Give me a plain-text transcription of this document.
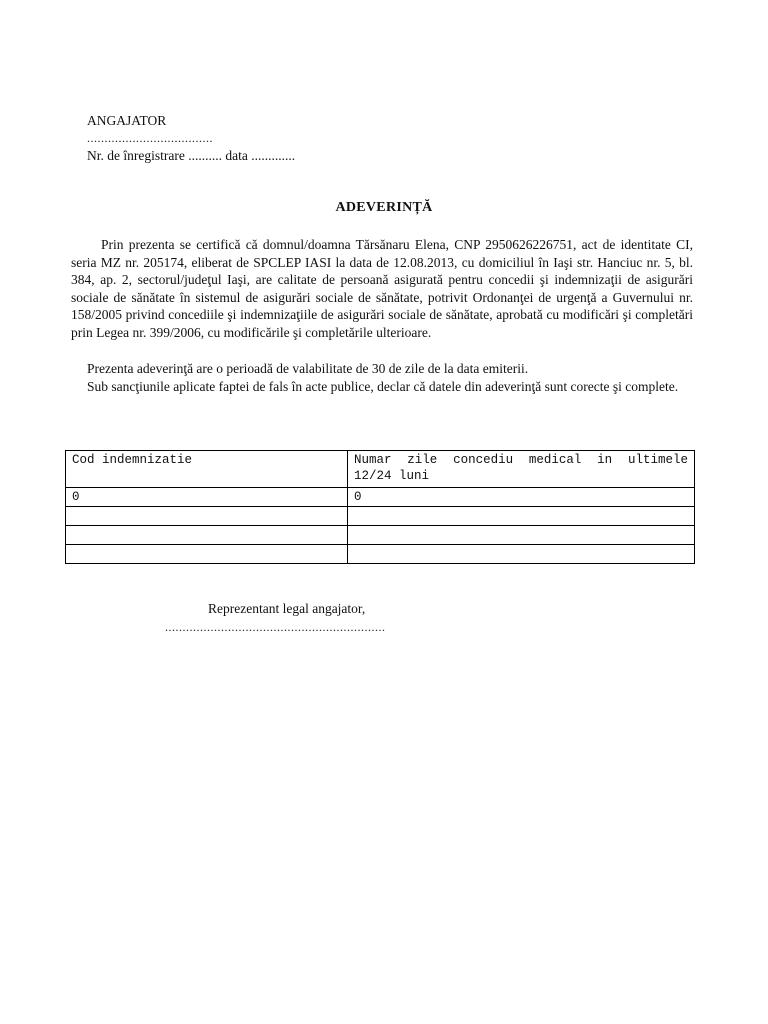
ANGAJATOR
....................................
Nr. de înregistrare .......... data .............
ADEVERINȚĂ

Prin prezenta se certifică că domnul/doamna Tărsănaru Elena, CNP 2950626226751, act de identitate CI, seria MZ nr. 205174, eliberat de SPCLEP IASI la data de 12.08.2013, cu domiciliul în Iaşi str. Hanciuc nr. 5, bl. 384, ap. 2, sectorul/judeţul Iaşi, are calitate de persoană asigurată pentru concedii şi indemnizaţii de asigurări sociale de sănătate în sistemul de asigurări sociale de sănătate, potrivit Ordonanţei de urgenţă a Guvernului nr. 158/2005 privind concediile şi indemnizaţiile de asigurări sociale de sănătate, aprobată cu modificări şi completări prin Legea nr. 399/2006, cu modificările şi completările ulterioare.

Prezenta adeverinţă are o perioadă de valabilitate de 30 de zile de la data emiterii.

Sub sancţiunile aplicate faptei de fals în acte publice, declar că datele din adeverinţă sunt corecte şi complete.

Cod indemnizatie	Numar zile concediu medical in ultimele 12/24 luni
0	0

Reprezentant legal angajator,
...............................................................
